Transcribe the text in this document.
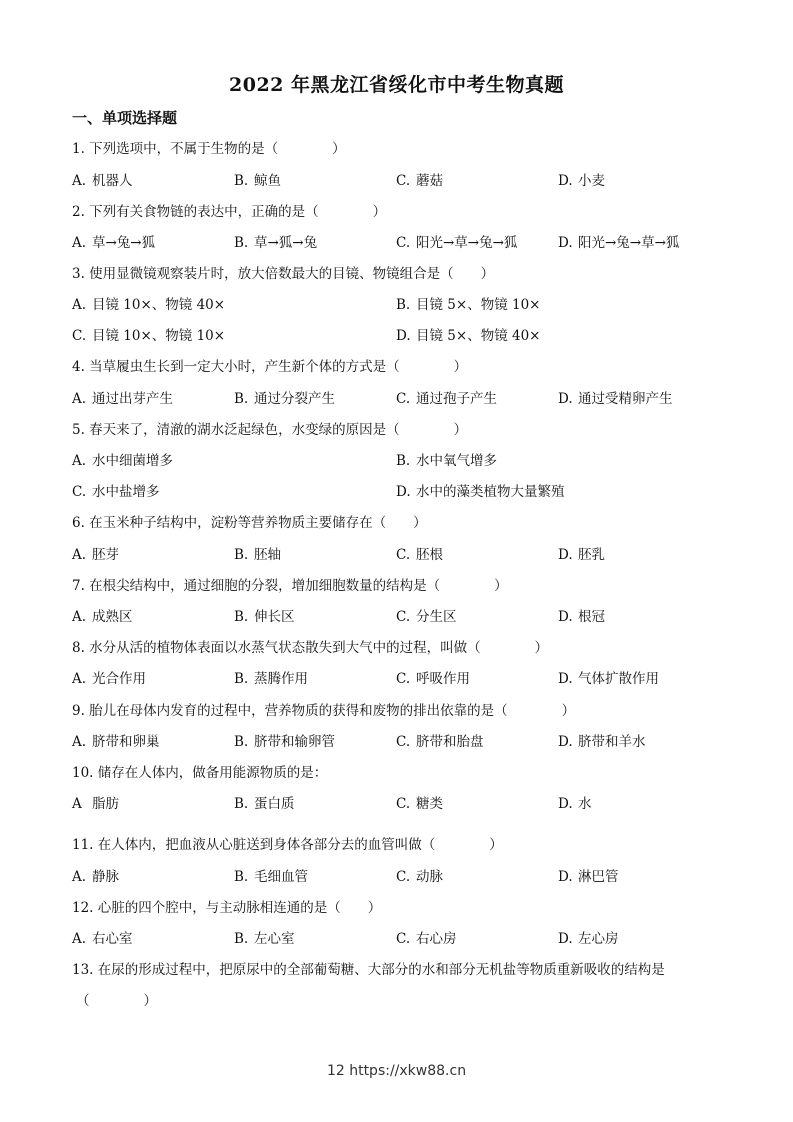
2022 年黑龙江省绥化市中考生物真题
一、单项选择题
1. 下列选项中，不属于生物的是（　　　　）
A. 机器人	B. 鲸鱼	C. 蘑菇	D. 小麦
2. 下列有关食物链的表达中，正确的是（　　　　）
A. 草→兔→狐	B. 草→狐→兔	C. 阳光→草→兔→狐	D. 阳光→兔→草→狐
3. 使用显微镜观察装片时，放大倍数最大的目镜、物镜组合是（　　）
A. 目镜 10×、物镜 40×	B. 目镜 5×、物镜 10×
C. 目镜 10×、物镜 10×	D. 目镜 5×、物镜 40×
4. 当草履虫生长到一定大小时，产生新个体的方式是（　　　　）
A. 通过出芽产生	B. 通过分裂产生	C. 通过孢子产生	D. 通过受精卵产生
5. 春天来了，清澈的湖水泛起绿色，水变绿的原因是（　　　　）
A. 水中细菌增多	B. 水中氧气增多
C. 水中盐增多	D. 水中的藻类植物大量繁殖
6. 在玉米种子结构中，淀粉等营养物质主要储存在（　　）
A. 胚芽	B. 胚轴	C. 胚根	D. 胚乳
7. 在根尖结构中，通过细胞的分裂，增加细胞数量的结构是（　　　　）
A. 成熟区	B. 伸长区	C. 分生区	D. 根冠
8. 水分从活的植物体表面以水蒸气状态散失到大气中的过程，叫做（　　　　）
A. 光合作用	B. 蒸腾作用	C. 呼吸作用	D. 气体扩散作用
9. 胎儿在母体内发育的过程中，营养物质的获得和废物的排出依靠的是（　　　　）
A. 脐带和卵巢	B. 脐带和输卵管	C. 脐带和胎盘	D. 脐带和羊水
10. 储存在人体内，做备用能源物质的是：
A 脂肪	B. 蛋白质	C. 糖类	D. 水
11. 在人体内，把血液从心脏送到身体各部分去的血管叫做（　　　　）
A. 静脉	B. 毛细血管	C. 动脉	D. 淋巴管
12. 心脏的四个腔中，与主动脉相连通的是（　　）
A. 右心室	B. 左心室	C. 右心房	D. 左心房
13. 在尿的形成过程中，把原尿中的全部葡萄糖、大部分的水和部分无机盐等物质重新吸收的结构是
（　　　　）
12 https://xkw88.cn
